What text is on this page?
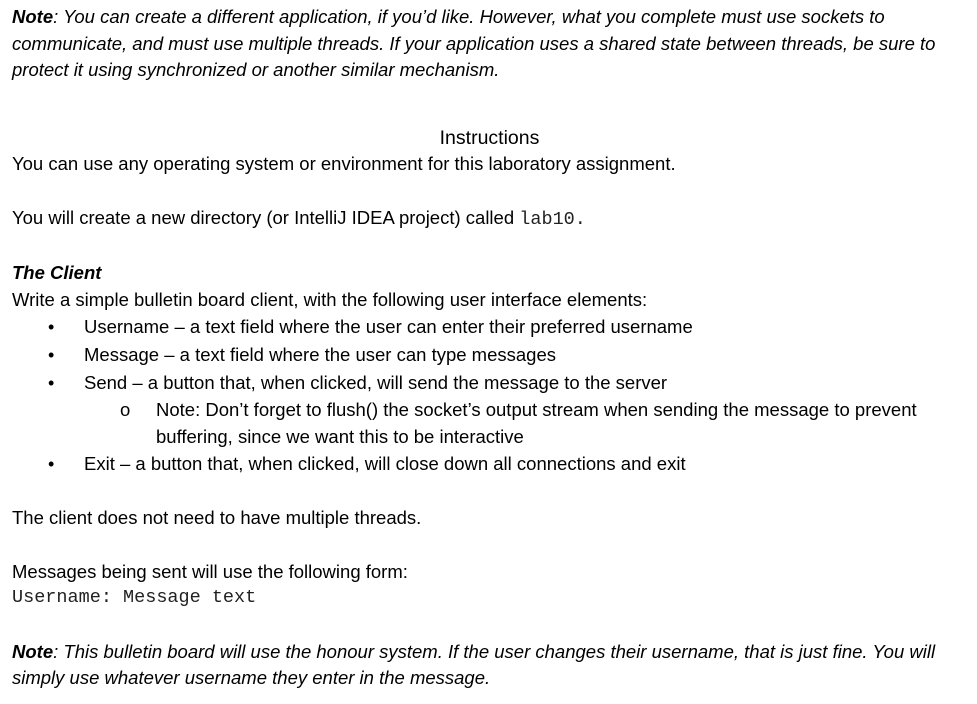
Note: You can create a different application, if you’d like. However, what you complete must use sockets to communicate, and must use multiple threads. If your application uses a shared state between threads, be sure to protect it using synchronized or another similar mechanism.

Instructions

You can use any operating system or environment for this laboratory assignment.

You will create a new directory (or IntelliJ IDEA project) called lab10.

The Client

Write a simple bulletin board client, with the following user interface elements:

• Username – a text field where the user can enter their preferred username
• Message – a text field where the user can type messages
• Send – a button that, when clicked, will send the message to the server
o Note: Don’t forget to flush() the socket’s output stream when sending the message to prevent buffering, since we want this to be interactive
• Exit – a button that, when clicked, will close down all connections and exit

The client does not need to have multiple threads.

Messages being sent will use the following form:

Username: Message text

Note: This bulletin board will use the honour system. If the user changes their username, that is just fine. You will simply use whatever username they enter in the message.
